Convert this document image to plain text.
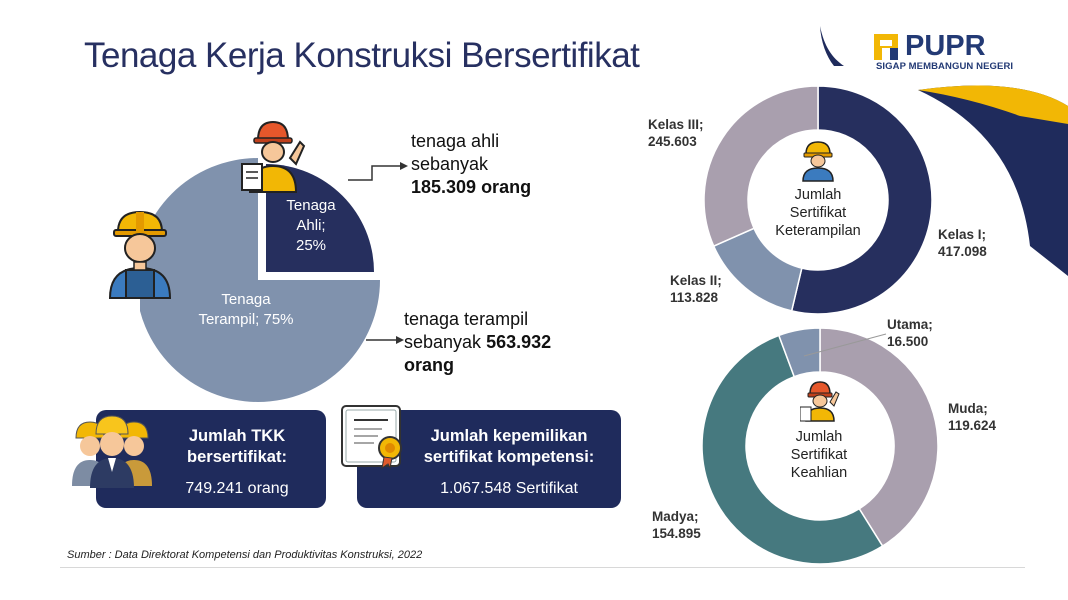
Tenaga Kerja Konstruksi Bersertifikat	PUPR
SIGAP MEMBANGUN NEGERI
Tenaga
Ahli;
25%
Tenaga
Terampil; 75%
tenaga ahli
sebanyak
185.309 orang
tenaga terampil
sebanyak 563.932
orang
Jumlah TKK
bersertifikat:
749.241 orang
Jumlah kepemilikan
sertifikat kompetensi:
1.067.548 Sertifikat
Jumlah
Sertifikat
Keterampilan
Kelas III;
245.603
Kelas I;
417.098
Kelas II;
113.828
Jumlah
Sertifikat
Keahlian
Utama;
16.500
Muda;
119.624
Madya;
154.895
Sumber : Data Direktorat Kompetensi dan Produktivitas Konstruksi, 2022
